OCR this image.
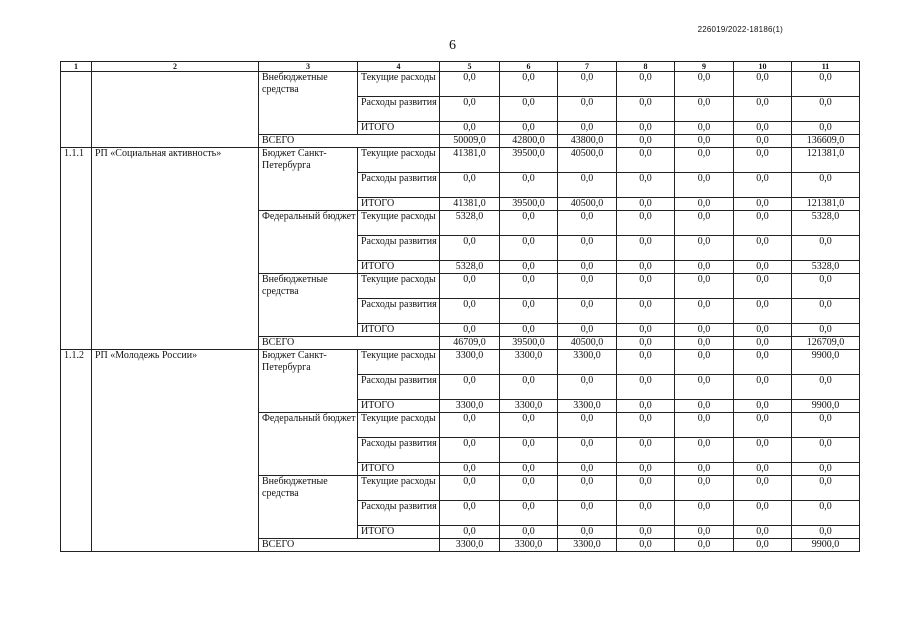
226019/2022-18186(1)
6
1	2	3	4	5	6	7	8	9	10	11
		Внебюджетные средства	Текущие расходы	0,0	0,0	0,0	0,0	0,0	0,0	0,0
			Расходы развития	0,0	0,0	0,0	0,0	0,0	0,0	0,0
			ИТОГО	0,0	0,0	0,0	0,0	0,0	0,0	0,0
		ВСЕГО		50009,0	42800,0	43800,0	0,0	0,0	0,0	136609,0
1.1.1	РП «Социальная активность»	Бюджет Санкт-Петербурга	Текущие расходы	41381,0	39500,0	40500,0	0,0	0,0	0,0	121381,0
			Расходы развития	0,0	0,0	0,0	0,0	0,0	0,0	0,0
			ИТОГО	41381,0	39500,0	40500,0	0,0	0,0	0,0	121381,0
		Федеральный бюджет	Текущие расходы	5328,0	0,0	0,0	0,0	0,0	0,0	5328,0
			Расходы развития	0,0	0,0	0,0	0,0	0,0	0,0	0,0
			ИТОГО	5328,0	0,0	0,0	0,0	0,0	0,0	5328,0
		Внебюджетные средства	Текущие расходы	0,0	0,0	0,0	0,0	0,0	0,0	0,0
			Расходы развития	0,0	0,0	0,0	0,0	0,0	0,0	0,0
			ИТОГО	0,0	0,0	0,0	0,0	0,0	0,0	0,0
		ВСЕГО		46709,0	39500,0	40500,0	0,0	0,0	0,0	126709,0
1.1.2	РП «Молодежь России»	Бюджет Санкт-Петербурга	Текущие расходы	3300,0	3300,0	3300,0	0,0	0,0	0,0	9900,0
			Расходы развития	0,0	0,0	0,0	0,0	0,0	0,0	0,0
			ИТОГО	3300,0	3300,0	3300,0	0,0	0,0	0,0	9900,0
		Федеральный бюджет	Текущие расходы	0,0	0,0	0,0	0,0	0,0	0,0	0,0
			Расходы развития	0,0	0,0	0,0	0,0	0,0	0,0	0,0
			ИТОГО	0,0	0,0	0,0	0,0	0,0	0,0	0,0
		Внебюджетные средства	Текущие расходы	0,0	0,0	0,0	0,0	0,0	0,0	0,0
			Расходы развития	0,0	0,0	0,0	0,0	0,0	0,0	0,0
			ИТОГО	0,0	0,0	0,0	0,0	0,0	0,0	0,0
		ВСЕГО		3300,0	3300,0	3300,0	0,0	0,0	0,0	9900,0
